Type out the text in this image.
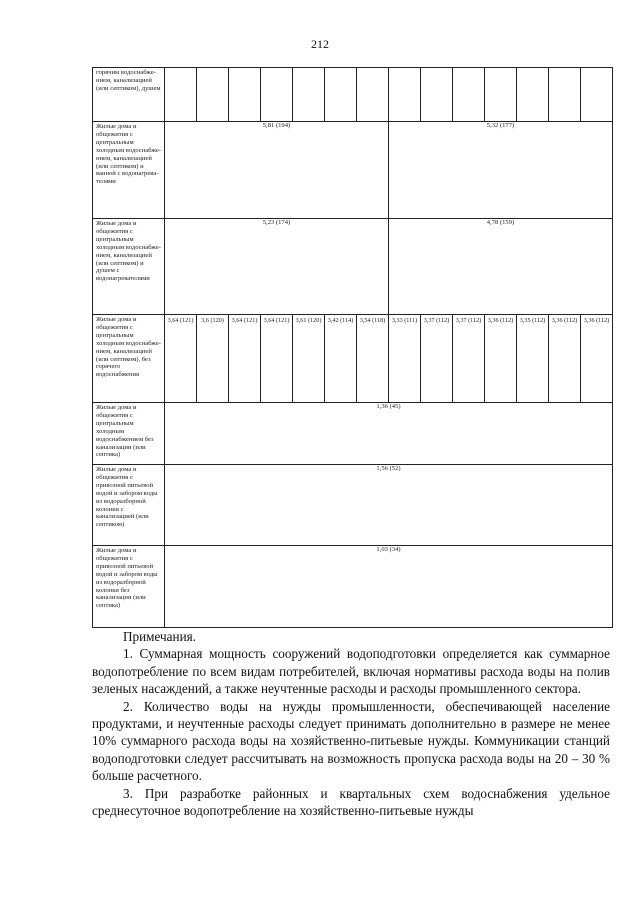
212
горячим водоснабже-нием, канализацией (или септиком), душем														
Жилые дома и общежития с центральным холодным водоснабже-нием, канализацией (или септиком) и ванной с водонагрева-телями	5,81 (194)							5,32 (177)						
Жилые дома и общежития с центральным холодным водоснабже-нием, канализацией (или септиком) и душем с водонагревателями	5,23 (174)							4,78 (159)						
Жилые дома и общежития с центральным холодным водоснабже-нием, канализацией (или септиком), без горячего водоснабжения	3,64 (121)	3,6 (120)	3,64 (121)	3,64 (121)	3,61 (120)	3,42 (114)	3,54 (118)	3,33 (111)	3,37 (112)	3,37 (112)	3,36 (112)	3,35 (112)	3,36 (112)	3,36 (112)
Жилые дома и общежития с центральным холодным водоснабжением без канализации (или септика)	1,36 (45)													
Жилые дома и общежития с привозной питьевой водой и забором воды из водоразборной колонки с канализацией (или септиком)	1,56 (52)													
Жилые дома и общежития с привозной питьевой водой и забором воды из водоразборной колонки без канализации (или септика)	1,03 (34)													

Примечания.

1. Суммарная мощность сооружений водоподготовки определяется как суммарное водопотребление по всем видам потребителей, включая нормативы расхода воды на полив зеленых насаждений, а также неучтенные расходы и расходы промышленного сектора.

2. Количество воды на нужды промышленности, обеспечивающей население продуктами, и неучтенные расходы следует принимать дополнительно в размере не менее 10% суммарного расхода воды на хозяйственно-питьевые нужды. Коммуникации станций водоподготовки следует рассчитывать на возможность пропуска расхода воды на 20 – 30 % больше расчетного.

3. При разработке районных и квартальных схем водоснабжения удельное среднесуточное водопотребление на хозяйственно-питьевые нужды
